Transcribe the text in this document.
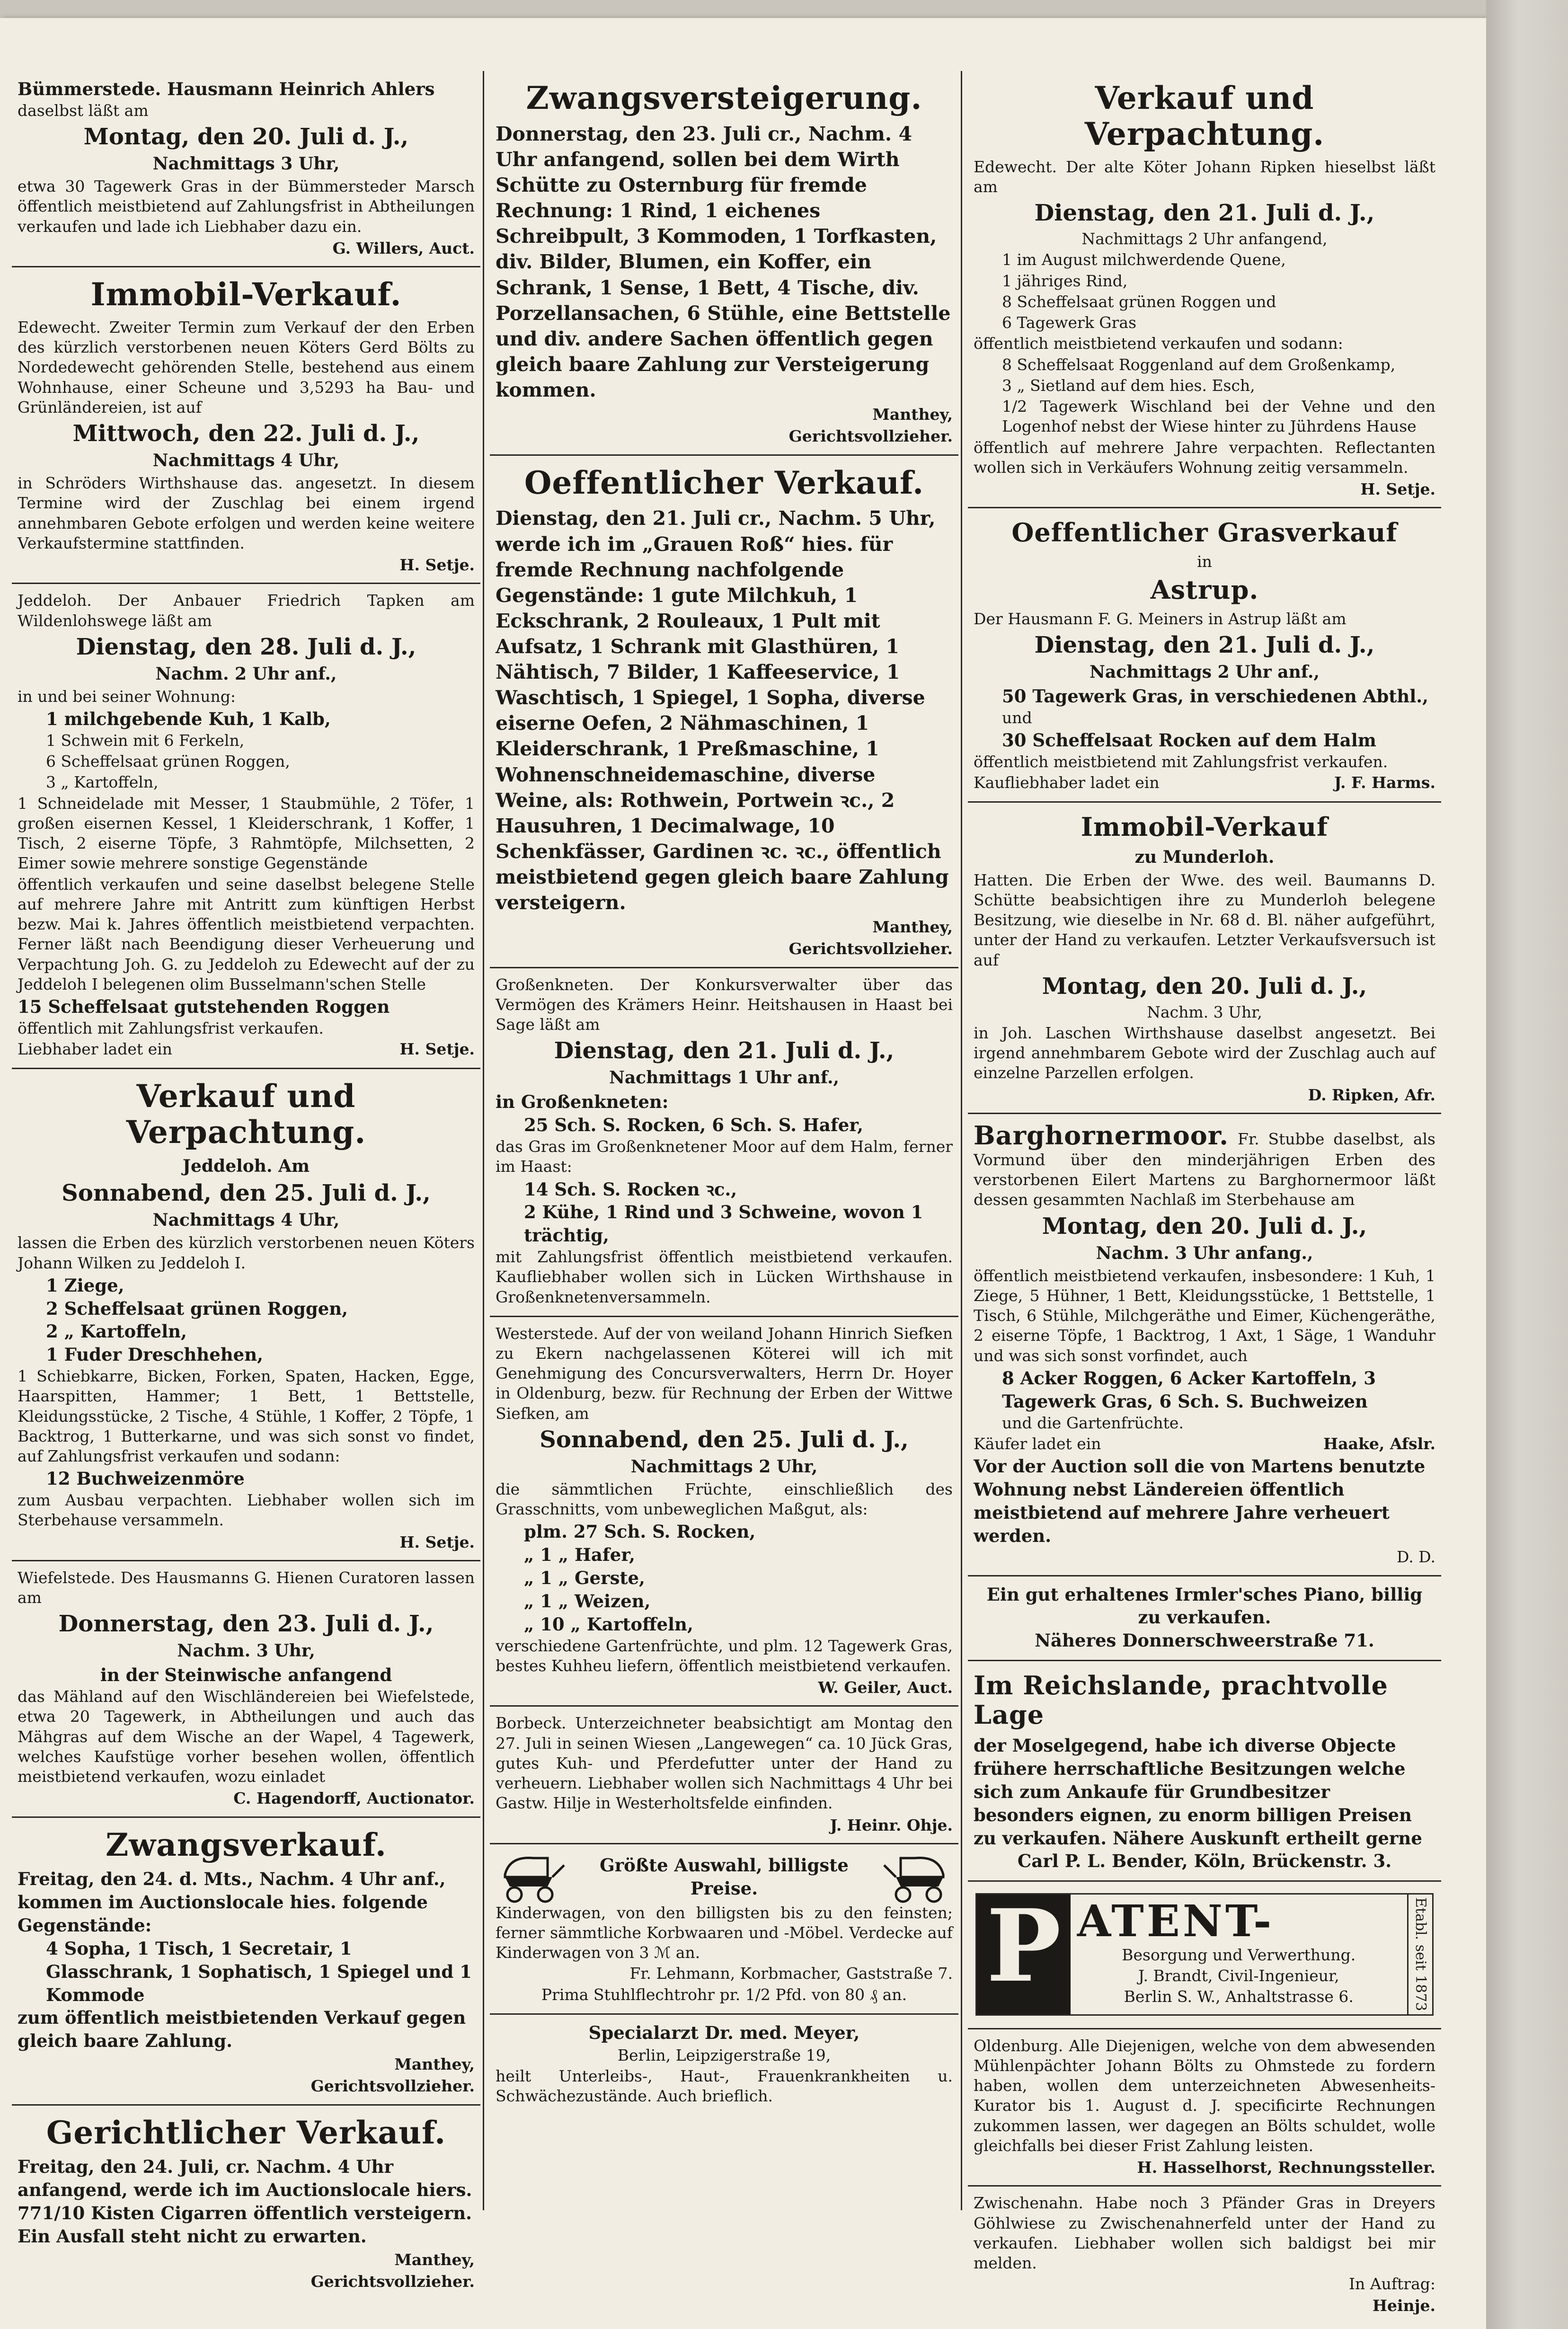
Bümmerstede. Hausmann Heinrich Ahlers

daselbst läßt am

Montag, den 20. Juli d. J.,

Nachmittags 3 Uhr,

etwa 30 Tagewerk Gras in der Bümmersteder Marsch öffentlich meistbietend auf Zahlungsfrist in Abtheilungen verkaufen und lade ich Liebhaber dazu ein.

G. Willers, Auct.

Immobil-Verkauf.

Edewecht. Zweiter Termin zum Verkauf der den Erben des kürzlich verstorbenen neuen Köters Gerd Bölts zu Nordedewecht gehörenden Stelle, bestehend aus einem Wohnhause, einer Scheune und 3,5293 ha Bau- und Grünländereien, ist auf

Mittwoch, den 22. Juli d. J.,

Nachmittags 4 Uhr,

in Schröders Wirthshause das. angesetzt. In diesem Termine wird der Zuschlag bei einem irgend annehmbaren Gebote erfolgen und werden keine weitere Verkaufstermine stattfinden.

H. Setje.

Jeddeloh. Der Anbauer Friedrich Tapken am Wildenlohswege läßt am

Dienstag, den 28. Juli d. J.,

Nachm. 2 Uhr anf.,

in und bei seiner Wohnung:

1 milchgebende Kuh, 1 Kalb,

1 Schwein mit 6 Ferkeln,

6 Scheffelsaat grünen Roggen,

3 „ Kartoffeln,

1 Schneidelade mit Messer, 1 Staubmühle, 2 Töfer, 1 großen eisernen Kessel, 1 Kleiderschrank, 1 Koffer, 1 Tisch, 2 eiserne Töpfe, 3 Rahmtöpfe, Milchsetten, 2 Eimer sowie mehrere sonstige Gegenstände

öffentlich verkaufen und seine daselbst belegene Stelle auf mehrere Jahre mit Antritt zum künftigen Herbst bezw. Mai k. Jahres öffentlich meistbietend verpachten. Ferner läßt nach Beendigung dieser Verheuerung und Verpachtung Joh. G. zu Jeddeloh zu Edewecht auf der zu Jeddeloh I belegenen olim Busselmann'schen Stelle

15 Scheffelsaat gutstehenden Roggen

öffentlich mit Zahlungsfrist verkaufen.

Liebhaber ladet ein	H. Setje.

Verkauf und Verpachtung.

Jeddeloh. Am

Sonnabend, den 25. Juli d. J.,

Nachmittags 4 Uhr,

lassen die Erben des kürzlich verstorbenen neuen Köters Johann Wilken zu Jeddeloh I.

1 Ziege,

2 Scheffelsaat grünen Roggen,

2 „ Kartoffeln,

1 Fuder Dreschhehen,

1 Schiebkarre, Bicken, Forken, Spaten, Hacken, Egge, Haarspitten, Hammer; 1 Bett, 1 Bettstelle, Kleidungsstücke, 2 Tische, 4 Stühle, 1 Koffer, 2 Töpfe, 1 Backtrog, 1 Butterkarne, und was sich sonst vo findet, auf Zahlungsfrist verkaufen und sodann:

12 Buchweizenmöre

zum Ausbau verpachten. Liebhaber wollen sich im Sterbehause versammeln.

H. Setje.

Wiefelstede. Des Hausmanns G. Hienen Curatoren lassen am

Donnerstag, den 23. Juli d. J.,

Nachm. 3 Uhr,

in der Steinwische anfangend

das Mähland auf den Wischländereien bei Wiefelstede, etwa 20 Tagewerk, in Abtheilungen und auch das Mähgras auf dem Wische an der Wapel, 4 Tagewerk, welches Kaufstüge vorher besehen wollen, öffentlich meistbietend verkaufen, wozu einladet

C. Hagendorff, Auctionator.

Zwangsverkauf.

Freitag, den 24. d. Mts., Nachm. 4 Uhr anf., kommen im Auctionslocale hies. folgende Gegenstände:

4 Sopha, 1 Tisch, 1 Secretair, 1 Glasschrank, 1 Sophatisch, 1 Spiegel und 1 Kommode

zum öffentlich meistbietenden Verkauf gegen gleich baare Zahlung.

Manthey,

Gerichtsvollzieher.

Gerichtlicher Verkauf.

Freitag, den 24. Juli, cr. Nachm. 4 Uhr anfangend, werde ich im Auctionslocale hiers. 771/10 Kisten Cigarren öffentlich versteigern. Ein Ausfall steht nicht zu erwarten.

Manthey,

Gerichtsvollzieher.

Zwangsversteigerung.

Donnerstag, den 23. Juli cr., Nachm. 4 Uhr anfangend, sollen bei dem Wirth Schütte zu Osternburg für fremde Rechnung: 1 Rind, 1 eichenes Schreibpult, 3 Kommoden, 1 Torfkasten, div. Bilder, Blumen, ein Koffer, ein Schrank, 1 Sense, 1 Bett, 4 Tische, div. Porzellansachen, 6 Stühle, eine Bettstelle und div. andere Sachen öffentlich gegen gleich baare Zahlung zur Versteigerung kommen.

Manthey,

Gerichtsvollzieher.

Oeffentlicher Verkauf.

Dienstag, den 21. Juli cr., Nachm. 5 Uhr, werde ich im „Grauen Roß“ hies. für fremde Rechnung nachfolgende Gegenstände: 1 gute Milchkuh, 1 Eckschrank, 2 Rouleaux, 1 Pult mit Aufsatz, 1 Schrank mit Glasthüren, 1 Nähtisch, 7 Bilder, 1 Kaffeeservice, 1 Waschtisch, 1 Spiegel, 1 Sopha, diverse eiserne Oefen, 2 Nähmaschinen, 1 Kleiderschrank, 1 Preßmaschine, 1 Wohnenschneidemaschine, diverse Weine, als: Rothwein, Portwein ꝛc., 2 Hausuhren, 1 Decimalwage, 10 Schenkfässer, Gardinen ꝛc. ꝛc., öffentlich meistbietend gegen gleich baare Zahlung versteigern.

Manthey,

Gerichtsvollzieher.

Großenkneten. Der Konkursverwalter über das Vermögen des Krämers Heinr. Heitshausen in Haast bei Sage läßt am

Dienstag, den 21. Juli d. J.,

Nachmittags 1 Uhr anf.,

in Großenkneten:

25 Sch. S. Rocken, 6 Sch. S. Hafer,

das Gras im Großenknetener Moor auf dem Halm, ferner im Haast:

14 Sch. S. Rocken ꝛc.,

2 Kühe, 1 Rind und 3 Schweine, wovon 1 trächtig,

mit Zahlungsfrist öffentlich meistbietend verkaufen. Kaufliebhaber wollen sich in Lücken Wirthshause in Großenknetenversammeln.

Westerstede. Auf der von weiland Johann Hinrich Siefken zu Ekern nachgelassenen Köterei will ich mit Genehmigung des Concursverwalters, Herrn Dr. Hoyer in Oldenburg, bezw. für Rechnung der Erben der Wittwe Siefken, am

Sonnabend, den 25. Juli d. J.,

Nachmittags 2 Uhr,

die sämmtlichen Früchte, einschließlich des Grasschnitts, vom unbeweglichen Maßgut, als:

plm. 27 Sch. S. Rocken,

„ 1 „ Hafer,

„ 1 „ Gerste,

„ 1 „ Weizen,

„ 10 „ Kartoffeln,

verschiedene Gartenfrüchte, und plm. 12 Tagewerk Gras, bestes Kuhheu liefern, öffentlich meistbietend verkaufen.

W. Geiler, Auct.

Borbeck. Unterzeichneter beabsichtigt am Montag den 27. Juli in seinen Wiesen „Langewegen“ ca. 10 Jück Gras, gutes Kuh- und Pferdefutter unter der Hand zu verheuern. Liebhaber wollen sich Nachmittags 4 Uhr bei Gastw. Hilje in Westerholtsfelde einfinden.

J. Heinr. Ohje.

Größte Auswahl, billigste Preise.

Kinderwagen, von den billigsten bis zu den feinsten; ferner sämmtliche Korbwaaren und -Möbel. Verdecke auf Kinderwagen von 3 ℳ an.

Fr. Lehmann, Korbmacher, Gaststraße 7.

Prima Stuhlflechtrohr pr. 1/2 Pfd. von 80 ₰ an.

Specialarzt Dr. med. Meyer,

Berlin, Leipzigerstraße 19,

heilt Unterleibs-, Haut-, Frauenkrankheiten u. Schwächezustände. Auch brieflich.

Verkauf und Verpachtung.

Edewecht. Der alte Köter Johann Ripken hieselbst läßt am

Dienstag, den 21. Juli d. J.,

Nachmittags 2 Uhr anfangend,

1 im August milchwerdende Quene,

1 jähriges Rind,

8 Scheffelsaat grünen Roggen und

6 Tagewerk Gras

öffentlich meistbietend verkaufen und sodann:

8 Scheffelsaat Roggenland auf dem Großenkamp,

3 „ Sietland auf dem hies. Esch,

1/2 Tagewerk Wischland bei der Vehne und den Logenhof nebst der Wiese hinter zu Jührdens Hause

öffentlich auf mehrere Jahre verpachten. Reflectanten wollen sich in Verkäufers Wohnung zeitig versammeln.

H. Setje.

Oeffentlicher Grasverkauf

in

Astrup.

Der Hausmann F. G. Meiners in Astrup läßt am

Dienstag, den 21. Juli d. J.,

Nachmittags 2 Uhr anf.,

50 Tagewerk Gras, in verschiedenen Abthl.,

und

30 Scheffelsaat Rocken auf dem Halm

öffentlich meistbietend mit Zahlungsfrist verkaufen.

Kaufliebhaber ladet ein	J. F. Harms.

Immobil-Verkauf

zu Munderloh.

Hatten. Die Erben der Wwe. des weil. Baumanns D. Schütte beabsichtigen ihre zu Munderloh belegene Besitzung, wie dieselbe in Nr. 68 d. Bl. näher aufgeführt, unter der Hand zu verkaufen. Letzter Verkaufsversuch ist auf

Montag, den 20. Juli d. J.,

Nachm. 3 Uhr,

in Joh. Laschen Wirthshause daselbst angesetzt. Bei irgend annehmbarem Gebote wird der Zuschlag auch auf einzelne Parzellen erfolgen.

D. Ripken, Afr.

Barghornermoor. Fr. Stubbe daselbst, als Vormund über den minderjährigen Erben des verstorbenen Eilert Martens zu Barghornermoor läßt dessen gesammten Nachlaß im Sterbehause am

Montag, den 20. Juli d. J.,

Nachm. 3 Uhr anfang.,

öffentlich meistbietend verkaufen, insbesondere: 1 Kuh, 1 Ziege, 5 Hühner, 1 Bett, Kleidungsstücke, 1 Bettstelle, 1 Tisch, 6 Stühle, Milchgeräthe und Eimer, Küchengeräthe, 2 eiserne Töpfe, 1 Backtrog, 1 Axt, 1 Säge, 1 Wanduhr und was sich sonst vorfindet, auch

8 Acker Roggen, 6 Acker Kartoffeln, 3 Tagewerk Gras, 6 Sch. S. Buchweizen

und die Gartenfrüchte.

Käufer ladet ein	Haake, Afslr.

Vor der Auction soll die von Martens benutzte Wohnung nebst Ländereien öffentlich meistbietend auf mehrere Jahre verheuert werden.

D. D.

Ein gut erhaltenes Irmler'sches Piano, billig zu verkaufen.

Näheres Donnerschweerstraße 71.

Im Reichslande, prachtvolle Lage

der Moselgegend, habe ich diverse Objecte frühere herrschaftliche Besitzungen welche sich zum Ankaufe für Grundbesitzer besonders eignen, zu enorm billigen Preisen zu verkaufen. Nähere Auskunft ertheilt gerne

Carl P. L. Bender, Köln, Brückenstr. 3.

P ATENT-

Besorgung und Verwerthung.

J. Brandt, Civil-Ingenieur,

Berlin S. W., Anhaltstrasse 6.	Etabl. seit 1873

Oldenburg. Alle Diejenigen, welche von dem abwesenden Mühlenpächter Johann Bölts zu Ohmstede zu fordern haben, wollen dem unterzeichneten Abwesenheits-Kurator bis 1. August d. J. specificirte Rechnungen zukommen lassen, wer dagegen an Bölts schuldet, wolle gleichfalls bei dieser Frist Zahlung leisten.

H. Hasselhorst, Rechnungssteller.

Zwischenahn. Habe noch 3 Pfänder Gras in Dreyers Göhlwiese zu Zwischenahnerfeld unter der Hand zu verkaufen. Liebhaber wollen sich baldigst bei mir melden.

In Auftrag:

Heinje.
